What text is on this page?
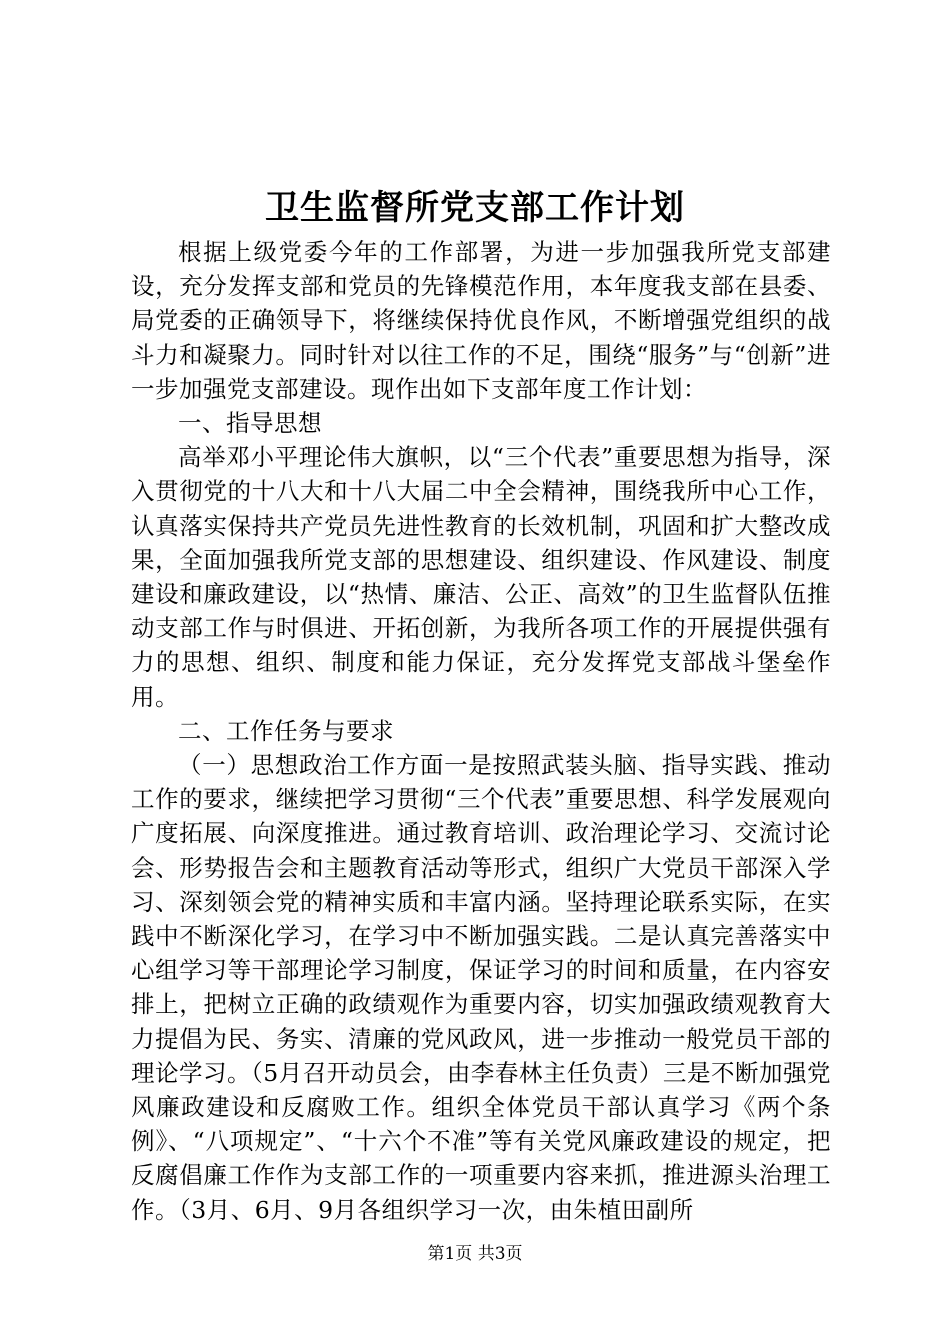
卫生监督所党支部工作计划

根据上级党委今年的工作部署，为进一步加强我所党支部建设，充分发挥支部和党员的先锋模范作用，本年度我支部在县委、局党委的正确领导下，将继续保持优良作风，不断增强党组织的战斗力和凝聚力。同时针对以往工作的不足，围绕“服务”与“创新”进一步加强党支部建设。现作出如下支部年度工作计划：

一、指导思想

高举邓小平理论伟大旗帜，以“三个代表”重要思想为指导，深入贯彻党的十八大和十八大届二中全会精神，围绕我所中心工作，认真落实保持共产党员先进性教育的长效机制，巩固和扩大整改成果，全面加强我所党支部的思想建设、组织建设、作风建设、制度建设和廉政建设，以“热情、廉洁、公正、高效”的卫生监督队伍推动支部工作与时俱进、开拓创新，为我所各项工作的开展提供强有力的思想、组织、制度和能力保证，充分发挥党支部战斗堡垒作用。

二、工作任务与要求

（一）思想政治工作方面一是按照武装头脑、指导实践、推动工作的要求，继续把学习贯彻“三个代表”重要思想、科学发展观向广度拓展、向深度推进。通过教育培训、政治理论学习、交流讨论会、形势报告会和主题教育活动等形式，组织广大党员干部深入学习、深刻领会党的精神实质和丰富内涵。坚持理论联系实际，在实践中不断深化学习，在学习中不断加强实践。二是认真完善落实中心组学习等干部理论学习制度，保证学习的时间和质量，在内容安排上，把树立正确的政绩观作为重要内容，切实加强政绩观教育大力提倡为民、务实、清廉的党风政风，进一步推动一般党员干部的理论学习。（5月召开动员会，由李春林主任负责）三是不断加强党风廉政建设和反腐败工作。组织全体党员干部认真学习《两个条例》、“八项规定”、“十六个不准”等有关党风廉政建设的规定，把反腐倡廉工作作为支部工作的一项重要内容来抓，推进源头治理工作。（3月、6月、9月各组织学习一次，由朱植田副所

第1页 共3页
